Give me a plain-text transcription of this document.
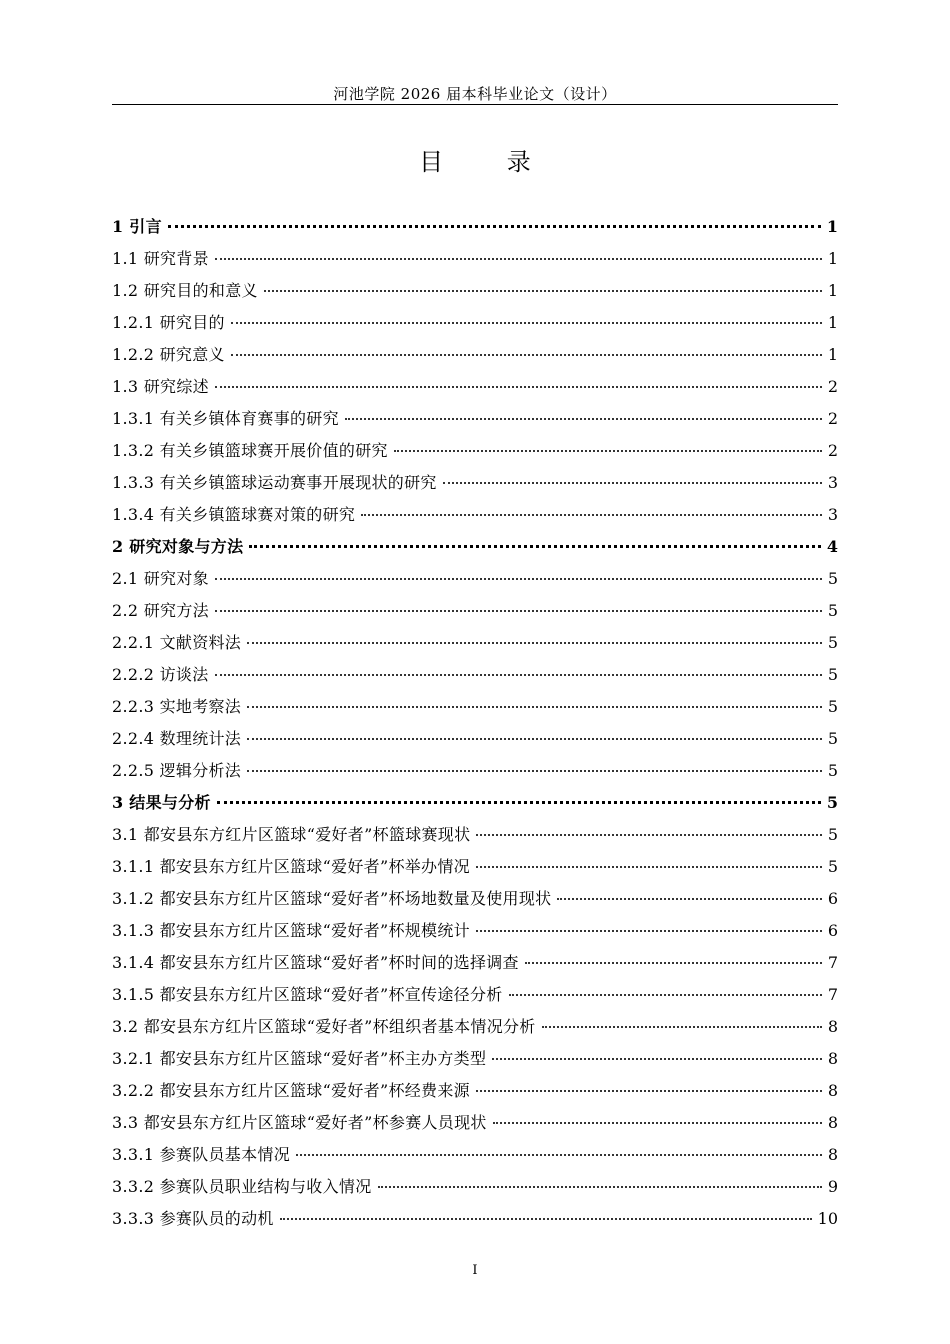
河池学院 2026 届本科毕业论文（设计）
目 录
1 引言	1
1.1 研究背景	1
1.2 研究目的和意义	1
1.2.1 研究目的	1
1.2.2 研究意义	1
1.3 研究综述	2
1.3.1 有关乡镇体育赛事的研究	2
1.3.2 有关乡镇篮球赛开展价值的研究	2
1.3.3 有关乡镇篮球运动赛事开展现状的研究	3
1.3.4 有关乡镇篮球赛对策的研究	3
2 研究对象与方法	4
2.1 研究对象	5
2.2 研究方法	5
2.2.1 文献资料法	5
2.2.2 访谈法	5
2.2.3 实地考察法	5
2.2.4 数理统计法	5
2.2.5 逻辑分析法	5
3 结果与分析	5
3.1 都安县东方红片区篮球“爱好者”杯篮球赛现状	5
3.1.1 都安县东方红片区篮球“爱好者”杯举办情况	5
3.1.2 都安县东方红片区篮球“爱好者”杯场地数量及使用现状	6
3.1.3 都安县东方红片区篮球“爱好者”杯规模统计	6
3.1.4 都安县东方红片区篮球“爱好者”杯时间的选择调查	7
3.1.5 都安县东方红片区篮球“爱好者”杯宣传途径分析	7
3.2 都安县东方红片区篮球“爱好者”杯组织者基本情况分析	8
3.2.1 都安县东方红片区篮球“爱好者”杯主办方类型	8
3.2.2 都安县东方红片区篮球“爱好者”杯经费来源	8
3.3 都安县东方红片区篮球“爱好者”杯参赛人员现状	8
3.3.1 参赛队员基本情况	8
3.3.2 参赛队员职业结构与收入情况	9
3.3.3 参赛队员的动机	10
I
